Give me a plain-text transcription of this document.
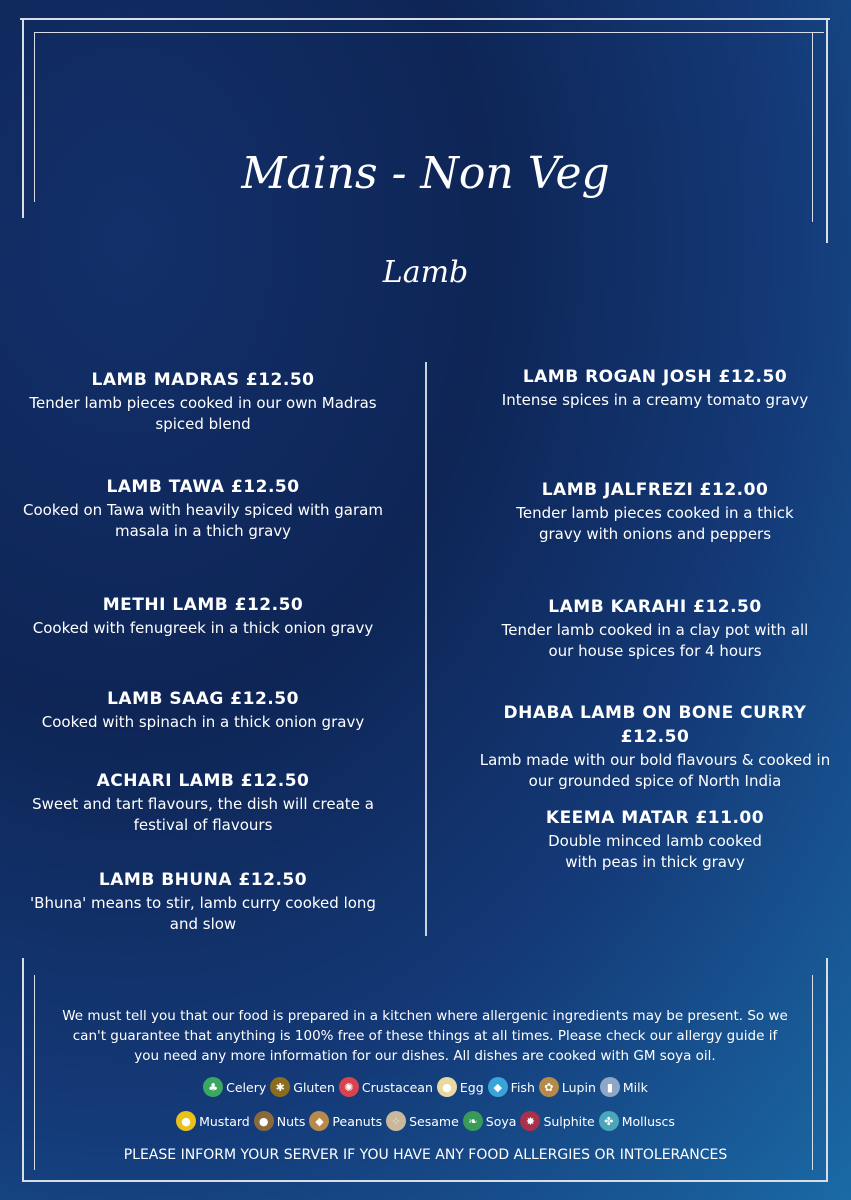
Mains - Non Veg
Lamb
LAMB MADRAS £12.50
Tender lamb pieces cooked in our own Madras spiced blend
LAMB TAWA £12.50
Cooked on Tawa with heavily spiced with garam masala in a thich gravy
METHI LAMB £12.50
Cooked with fenugreek in a thick onion gravy
LAMB SAAG £12.50
Cooked with spinach in a thick onion gravy
ACHARI LAMB £12.50
Sweet and tart flavours, the dish will create a festival of flavours
LAMB BHUNA £12.50
'Bhuna' means to stir, lamb curry cooked long and slow
LAMB ROGAN JOSH £12.50
Intense spices in a creamy tomato gravy
LAMB JALFREZI £12.00
Tender lamb pieces cooked in a thick gravy with onions and peppers
LAMB KARAHI £12.50
Tender lamb cooked in a clay pot with all our house spices for 4 hours
DHABA LAMB ON BONE CURRY £12.50
Lamb made with our bold flavours & cooked in our grounded spice of North India
KEEMA MATAR £11.00
Double minced lamb cooked with peas in thick gravy
We must tell you that our food is prepared in a kitchen where allergenic ingredients may be present. So we can't guarantee that anything is 100% free of these things at all times. Please check our allergy guide if you need any more information for our dishes. All dishes are cooked with GM soya oil.
♣ Celery ✱ Gluten ✺ Crustacean ● Egg ◆ Fish ✿ Lupin ▮ Milk
● Mustard ● Nuts ◆ Peanuts ⁘ Sesame ❧ Soya ✸ Sulphite ✤ Molluscs
PLEASE INFORM YOUR SERVER IF YOU HAVE ANY FOOD ALLERGIES OR INTOLERANCES
